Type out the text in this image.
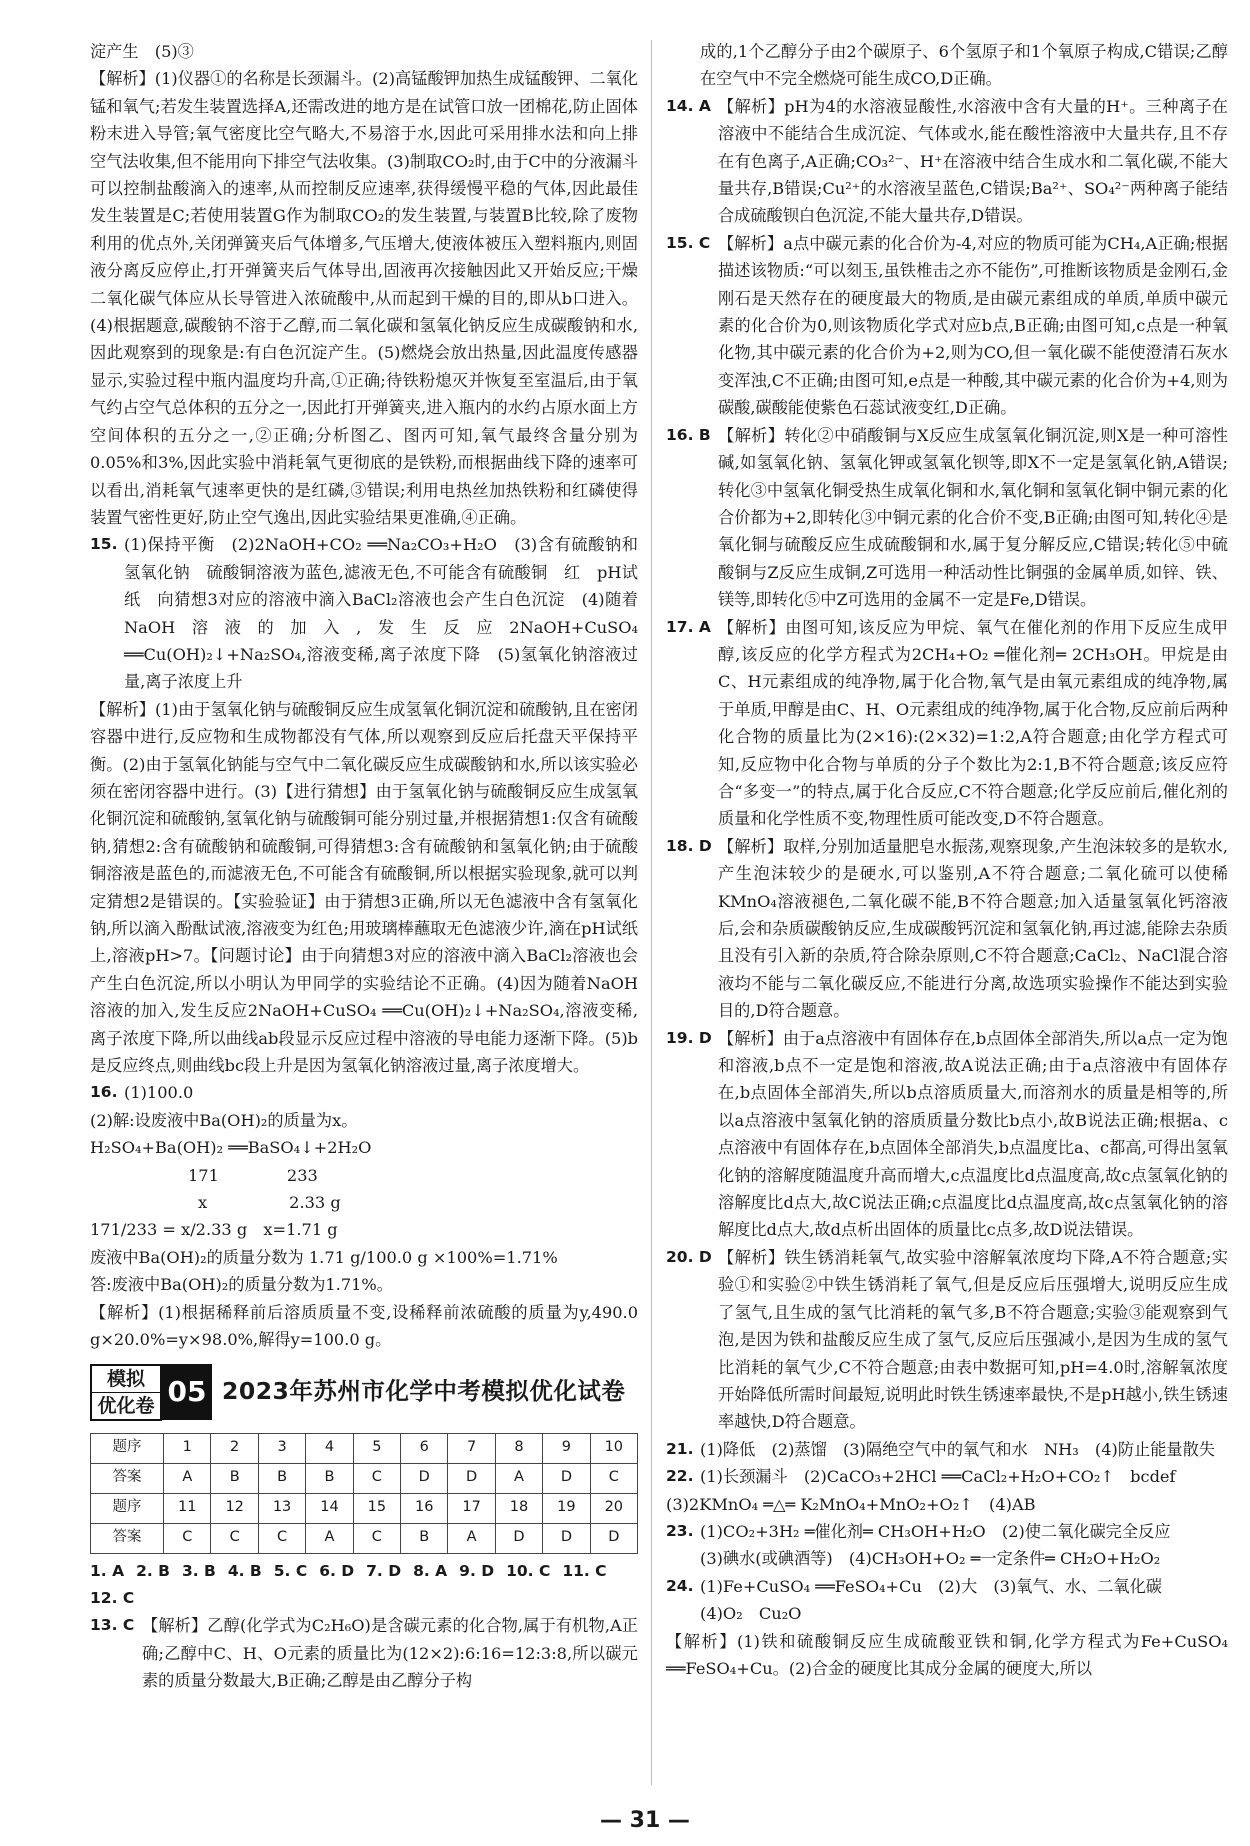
淀产生　(5)③

【解析】(1)仪器①的名称是长颈漏斗。(2)高锰酸钾加热生成锰酸钾、二氧化锰和氧气;若发生装置选择A,还需改进的地方是在试管口放一团棉花,防止固体粉末进入导管;氧气密度比空气略大,不易溶于水,因此可采用排水法和向上排空气法收集,但不能用向下排空气法收集。(3)制取CO₂时,由于C中的分液漏斗可以控制盐酸滴入的速率,从而控制反应速率,获得缓慢平稳的气体,因此最佳发生装置是C;若使用装置G作为制取CO₂的发生装置,与装置B比较,除了废物利用的优点外,关闭弹簧夹后气体增多,气压增大,使液体被压入塑料瓶内,则固液分离反应停止,打开弹簧夹后气体导出,固液再次接触因此又开始反应;干燥二氧化碳气体应从长导管进入浓硫酸中,从而起到干燥的目的,即从b口进入。(4)根据题意,碳酸钠不溶于乙醇,而二氧化碳和氢氧化钠反应生成碳酸钠和水,因此观察到的现象是:有白色沉淀产生。(5)燃烧会放出热量,因此温度传感器显示,实验过程中瓶内温度均升高,①正确;待铁粉熄灭并恢复至室温后,由于氧气约占空气总体积的五分之一,因此打开弹簧夹,进入瓶内的水约占原水面上方空间体积的五分之一,②正确;分析图乙、图丙可知,氧气最终含量分别为0.05%和3%,因此实验中消耗氧气更彻底的是铁粉,而根据曲线下降的速率可以看出,消耗氧气速率更快的是红磷,③错误;利用电热丝加热铁粉和红磷使得装置气密性更好,防止空气逸出,因此实验结果更准确,④正确。

15. (1)保持平衡　(2)2NaOH+CO₂ ══Na₂CO₃+H₂O　(3)含有硫酸钠和氢氧化钠　硫酸铜溶液为蓝色,滤液无色,不可能含有硫酸铜　红　pH试纸　向猜想3对应的溶液中滴入BaCl₂溶液也会产生白色沉淀　(4)随着NaOH溶液的加入,发生反应2NaOH+CuSO₄ ══Cu(OH)₂↓+Na₂SO₄,溶液变稀,离子浓度下降　(5)氢氧化钠溶液过量,离子浓度上升

【解析】(1)由于氢氧化钠与硫酸铜反应生成氢氧化铜沉淀和硫酸钠,且在密闭容器中进行,反应物和生成物都没有气体,所以观察到反应后托盘天平保持平衡。(2)由于氢氧化钠能与空气中二氧化碳反应生成碳酸钠和水,所以该实验必须在密闭容器中进行。(3)【进行猜想】由于氢氧化钠与硫酸铜反应生成氢氧化铜沉淀和硫酸钠,氢氧化钠与硫酸铜可能分别过量,并根据猜想1:仅含有硫酸钠,猜想2:含有硫酸钠和硫酸铜,可得猜想3:含有硫酸钠和氢氧化钠;由于硫酸铜溶液是蓝色的,而滤液无色,不可能含有硫酸铜,所以根据实验现象,就可以判定猜想2是错误的。【实验验证】由于猜想3正确,所以无色滤液中含有氢氧化钠,所以滴入酚酞试液,溶液变为红色;用玻璃棒蘸取无色滤液少许,滴在pH试纸上,溶液pH>7。【问题讨论】由于向猜想3对应的溶液中滴入BaCl₂溶液也会产生白色沉淀,所以小明认为甲同学的实验结论不正确。(4)因为随着NaOH溶液的加入,发生反应2NaOH+CuSO₄ ══Cu(OH)₂↓+Na₂SO₄,溶液变稀,离子浓度下降,所以曲线ab段显示反应过程中溶液的导电能力逐渐下降。(5)b是反应终点,则曲线bc段上升是因为氢氧化钠溶液过量,离子浓度增大。

16. (1)100.0

(2)解:设废液中Ba(OH)₂的质量为x。

H₂SO₄+Ba(OH)₂ ══BaSO₄↓+2H₂O

171	233

x	2.33 g

171/233 = x/2.33 g　x=1.71 g

废液中Ba(OH)₂的质量分数为 1.71 g/100.0 g ×100%=1.71%

答:废液中Ba(OH)₂的质量分数为1.71%。

【解析】(1)根据稀释前后溶质质量不变,设稀释前浓硫酸的质量为y,490.0 g×20.0%=y×98.0%,解得y=100.0 g。

模拟
优化卷 05 2023年苏州市化学中考模拟优化试卷
题序	1	2	3	4	5	6	7	8	9	10
答案	A	B	B	B	C	D	D	A	D	C
题序	11	12	13	14	15	16	17	18	19	20
答案	C	C	C	A	C	B	A	D	D	D
1. A 2. B 3. B 4. B 5. C 6. D 7. D 8. A 9. D 10. C 11. C
12. C
13. C 【解析】乙醇(化学式为C₂H₆O)是含碳元素的化合物,属于有机物,A正确;乙醇中C、H、O元素的质量比为(12×2):6:16=12:3:8,所以碳元素的质量分数最大,B正确;乙醇是由乙醇分子构

成的,1个乙醇分子由2个碳原子、6个氢原子和1个氧原子构成,C错误;乙醇在空气中不完全燃烧可能生成CO,D正确。

14. A 【解析】pH为4的水溶液显酸性,水溶液中含有大量的H⁺。三种离子在溶液中不能结合生成沉淀、气体或水,能在酸性溶液中大量共存,且不存在有色离子,A正确;CO₃²⁻、H⁺在溶液中结合生成水和二氧化碳,不能大量共存,B错误;Cu²⁺的水溶液呈蓝色,C错误;Ba²⁺、SO₄²⁻两种离子能结合成硫酸钡白色沉淀,不能大量共存,D错误。

15. C 【解析】a点中碳元素的化合价为-4,对应的物质可能为CH₄,A正确;根据描述该物质:“可以刻玉,虽铁椎击之亦不能伤”,可推断该物质是金刚石,金刚石是天然存在的硬度最大的物质,是由碳元素组成的单质,单质中碳元素的化合价为0,则该物质化学式对应b点,B正确;由图可知,c点是一种氧化物,其中碳元素的化合价为+2,则为CO,但一氧化碳不能使澄清石灰水变浑浊,C不正确;由图可知,e点是一种酸,其中碳元素的化合价为+4,则为碳酸,碳酸能使紫色石蕊试液变红,D正确。

16. B 【解析】转化②中硝酸铜与X反应生成氢氧化铜沉淀,则X是一种可溶性碱,如氢氧化钠、氢氧化钾或氢氧化钡等,即X不一定是氢氧化钠,A错误;转化③中氢氧化铜受热生成氧化铜和水,氧化铜和氢氧化铜中铜元素的化合价都为+2,即转化③中铜元素的化合价不变,B正确;由图可知,转化④是氧化铜与硫酸反应生成硫酸铜和水,属于复分解反应,C错误;转化⑤中硫酸铜与Z反应生成铜,Z可选用一种活动性比铜强的金属单质,如锌、铁、镁等,即转化⑤中Z可选用的金属不一定是Fe,D错误。

17. A 【解析】由图可知,该反应为甲烷、氧气在催化剂的作用下反应生成甲醇,该反应的化学方程式为2CH₄+O₂ ═催化剂═ 2CH₃OH。甲烷是由C、H元素组成的纯净物,属于化合物,氧气是由氧元素组成的纯净物,属于单质,甲醇是由C、H、O元素组成的纯净物,属于化合物,反应前后两种化合物的质量比为(2×16):(2×32)=1:2,A符合题意;由化学方程式可知,反应物中化合物与单质的分子个数比为2:1,B不符合题意;该反应符合“多变一”的特点,属于化合反应,C不符合题意;化学反应前后,催化剂的质量和化学性质不变,物理性质可能改变,D不符合题意。

18. D 【解析】取样,分别加适量肥皂水振荡,观察现象,产生泡沫较多的是软水,产生泡沫较少的是硬水,可以鉴别,A不符合题意;二氧化硫可以使稀KMnO₄溶液褪色,二氧化碳不能,B不符合题意;加入适量氢氧化钙溶液后,会和杂质碳酸钠反应,生成碳酸钙沉淀和氢氧化钠,再过滤,能除去杂质且没有引入新的杂质,符合除杂原则,C不符合题意;CaCl₂、NaCl混合溶液均不能与二氧化碳反应,不能进行分离,故选项实验操作不能达到实验目的,D符合题意。

19. D 【解析】由于a点溶液中有固体存在,b点固体全部消失,所以a点一定为饱和溶液,b点不一定是饱和溶液,故A说法正确;由于a点溶液中有固体存在,b点固体全部消失,所以b点溶质质量大,而溶剂水的质量是相等的,所以a点溶液中氢氧化钠的溶质质量分数比b点小,故B说法正确;根据a、c点溶液中有固体存在,b点固体全部消失,b点温度比a、c都高,可得出氢氧化钠的溶解度随温度升高而增大,c点温度比d点温度高,故c点氢氧化钠的溶解度比d点大,故C说法正确;c点温度比d点温度高,故c点氢氧化钠的溶解度比d点大,故d点析出固体的质量比c点多,故D说法错误。

20. D 【解析】铁生锈消耗氧气,故实验中溶解氧浓度均下降,A不符合题意;实验①和实验②中铁生锈消耗了氧气,但是反应后压强增大,说明反应生成了氢气,且生成的氢气比消耗的氧气多,B不符合题意;实验③能观察到气泡,是因为铁和盐酸反应生成了氢气,反应后压强减小,是因为生成的氢气比消耗的氧气少,C不符合题意;由表中数据可知,pH=4.0时,溶解氧浓度开始降低所需时间最短,说明此时铁生锈速率最快,不是pH越小,铁生锈速率越快,D符合题意。

21. (1)降低　(2)蒸馏　(3)隔绝空气中的氧气和水　NH₃　(4)防止能量散失

22. (1)长颈漏斗　(2)CaCO₃+2HCl ══CaCl₂+H₂O+CO₂↑　bcdef

(3)2KMnO₄ ═△═ K₂MnO₄+MnO₂+O₂↑　(4)AB

23. (1)CO₂+3H₂ ═催化剂═ CH₃OH+H₂O　(2)使二氧化碳完全反应

(3)碘水(或碘酒等)　(4)CH₃OH+O₂ ═一定条件═ CH₂O+H₂O₂

24. (1)Fe+CuSO₄ ══FeSO₄+Cu　(2)大　(3)氧气、水、二氧化碳

(4)O₂　Cu₂O

【解析】(1)铁和硫酸铜反应生成硫酸亚铁和铜,化学方程式为Fe+CuSO₄ ══FeSO₄+Cu。(2)合金的硬度比其成分金属的硬度大,所以

— 31 —
